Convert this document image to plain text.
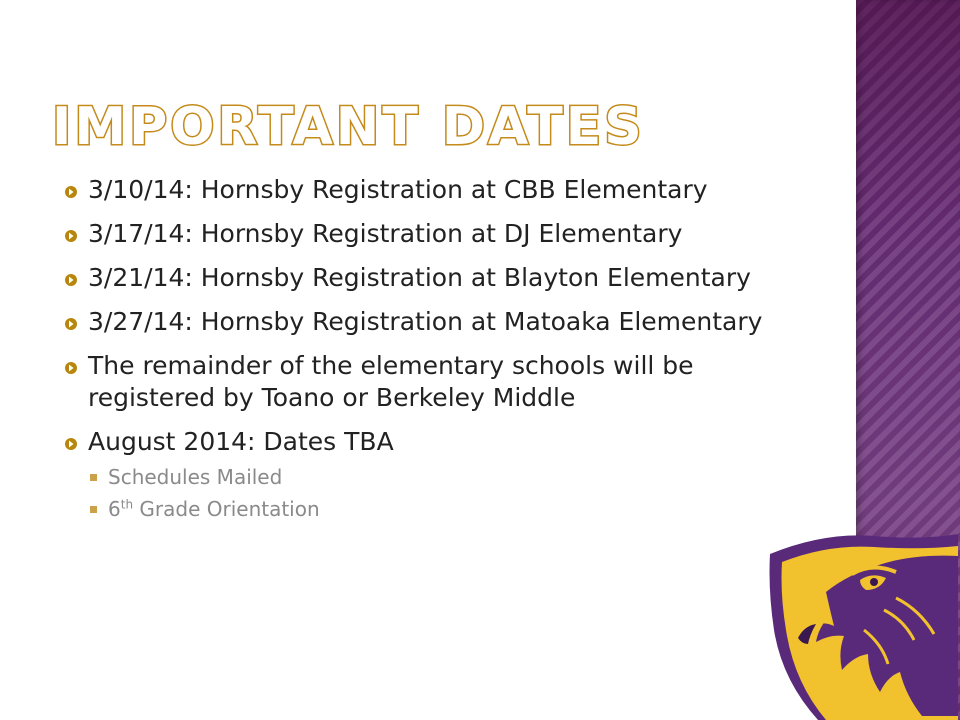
IMPORTANT DATES
3/10/14: Hornsby Registration at CBB Elementary
3/17/14: Hornsby Registration at DJ Elementary
3/21/14: Hornsby Registration at Blayton Elementary
3/27/14: Hornsby Registration at Matoaka Elementary
The remainder of the elementary schools will be registered by Toano or Berkeley Middle
August 2014: Dates TBA
Schedules Mailed
6th Grade Orientation
